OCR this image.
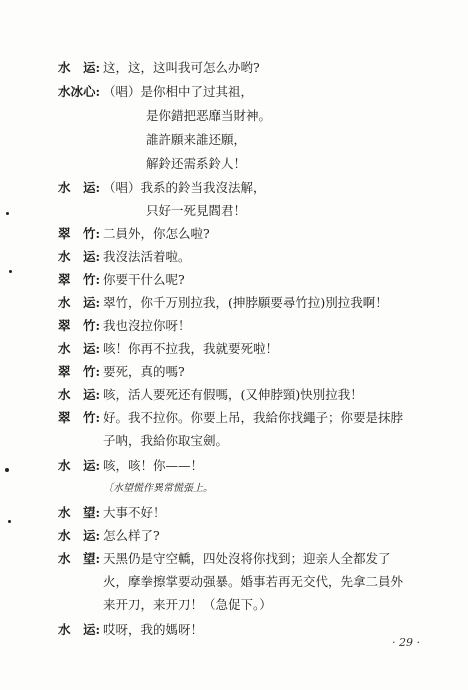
水　运: 这，这，这叫我可怎么办哟?
水冰心: （唱）是你相中了过其祖，
是你錯把恶靡当財神。
誰許願来誰还願，
解鈴还需系鈴人！
水　运: （唱）我系的鈴当我沒法解，
只好一死見閻君！
翠　竹: 二員外，你怎么啦?
水　运: 我沒法活着啦。
翠　竹: 你要干什么呢?
水　运: 翠竹，你千万別拉我，(抻脖願要尋竹拉)別拉我啊！
翠　竹: 我也沒拉你呀！
水　运: 咳！你再不拉我，我就要死啦！
翠　竹: 要死，真的嗎?
水　运: 咳，活人要死还有假嗎，(又伸脖頸)快別拉我！
翠　竹: 好。我不拉你。你要上吊，我給你找繩子；你要是抹脖
子呐，我給你取宝劍。
水　运: 咳，咳！你——！
〔水望慌作異常慌張上。
水　望: 大事不好！
水　运: 怎么样了?
水　望: 天黑仍是守空轎，四处沒将你找到；迎亲人全都发了
火，摩拳擦掌要动强暴。婚事若再无交代，先拿二員外
来开刀，来开刀！（急促下。）
水　运: 哎呀，我的媽呀！
· 29 ·
